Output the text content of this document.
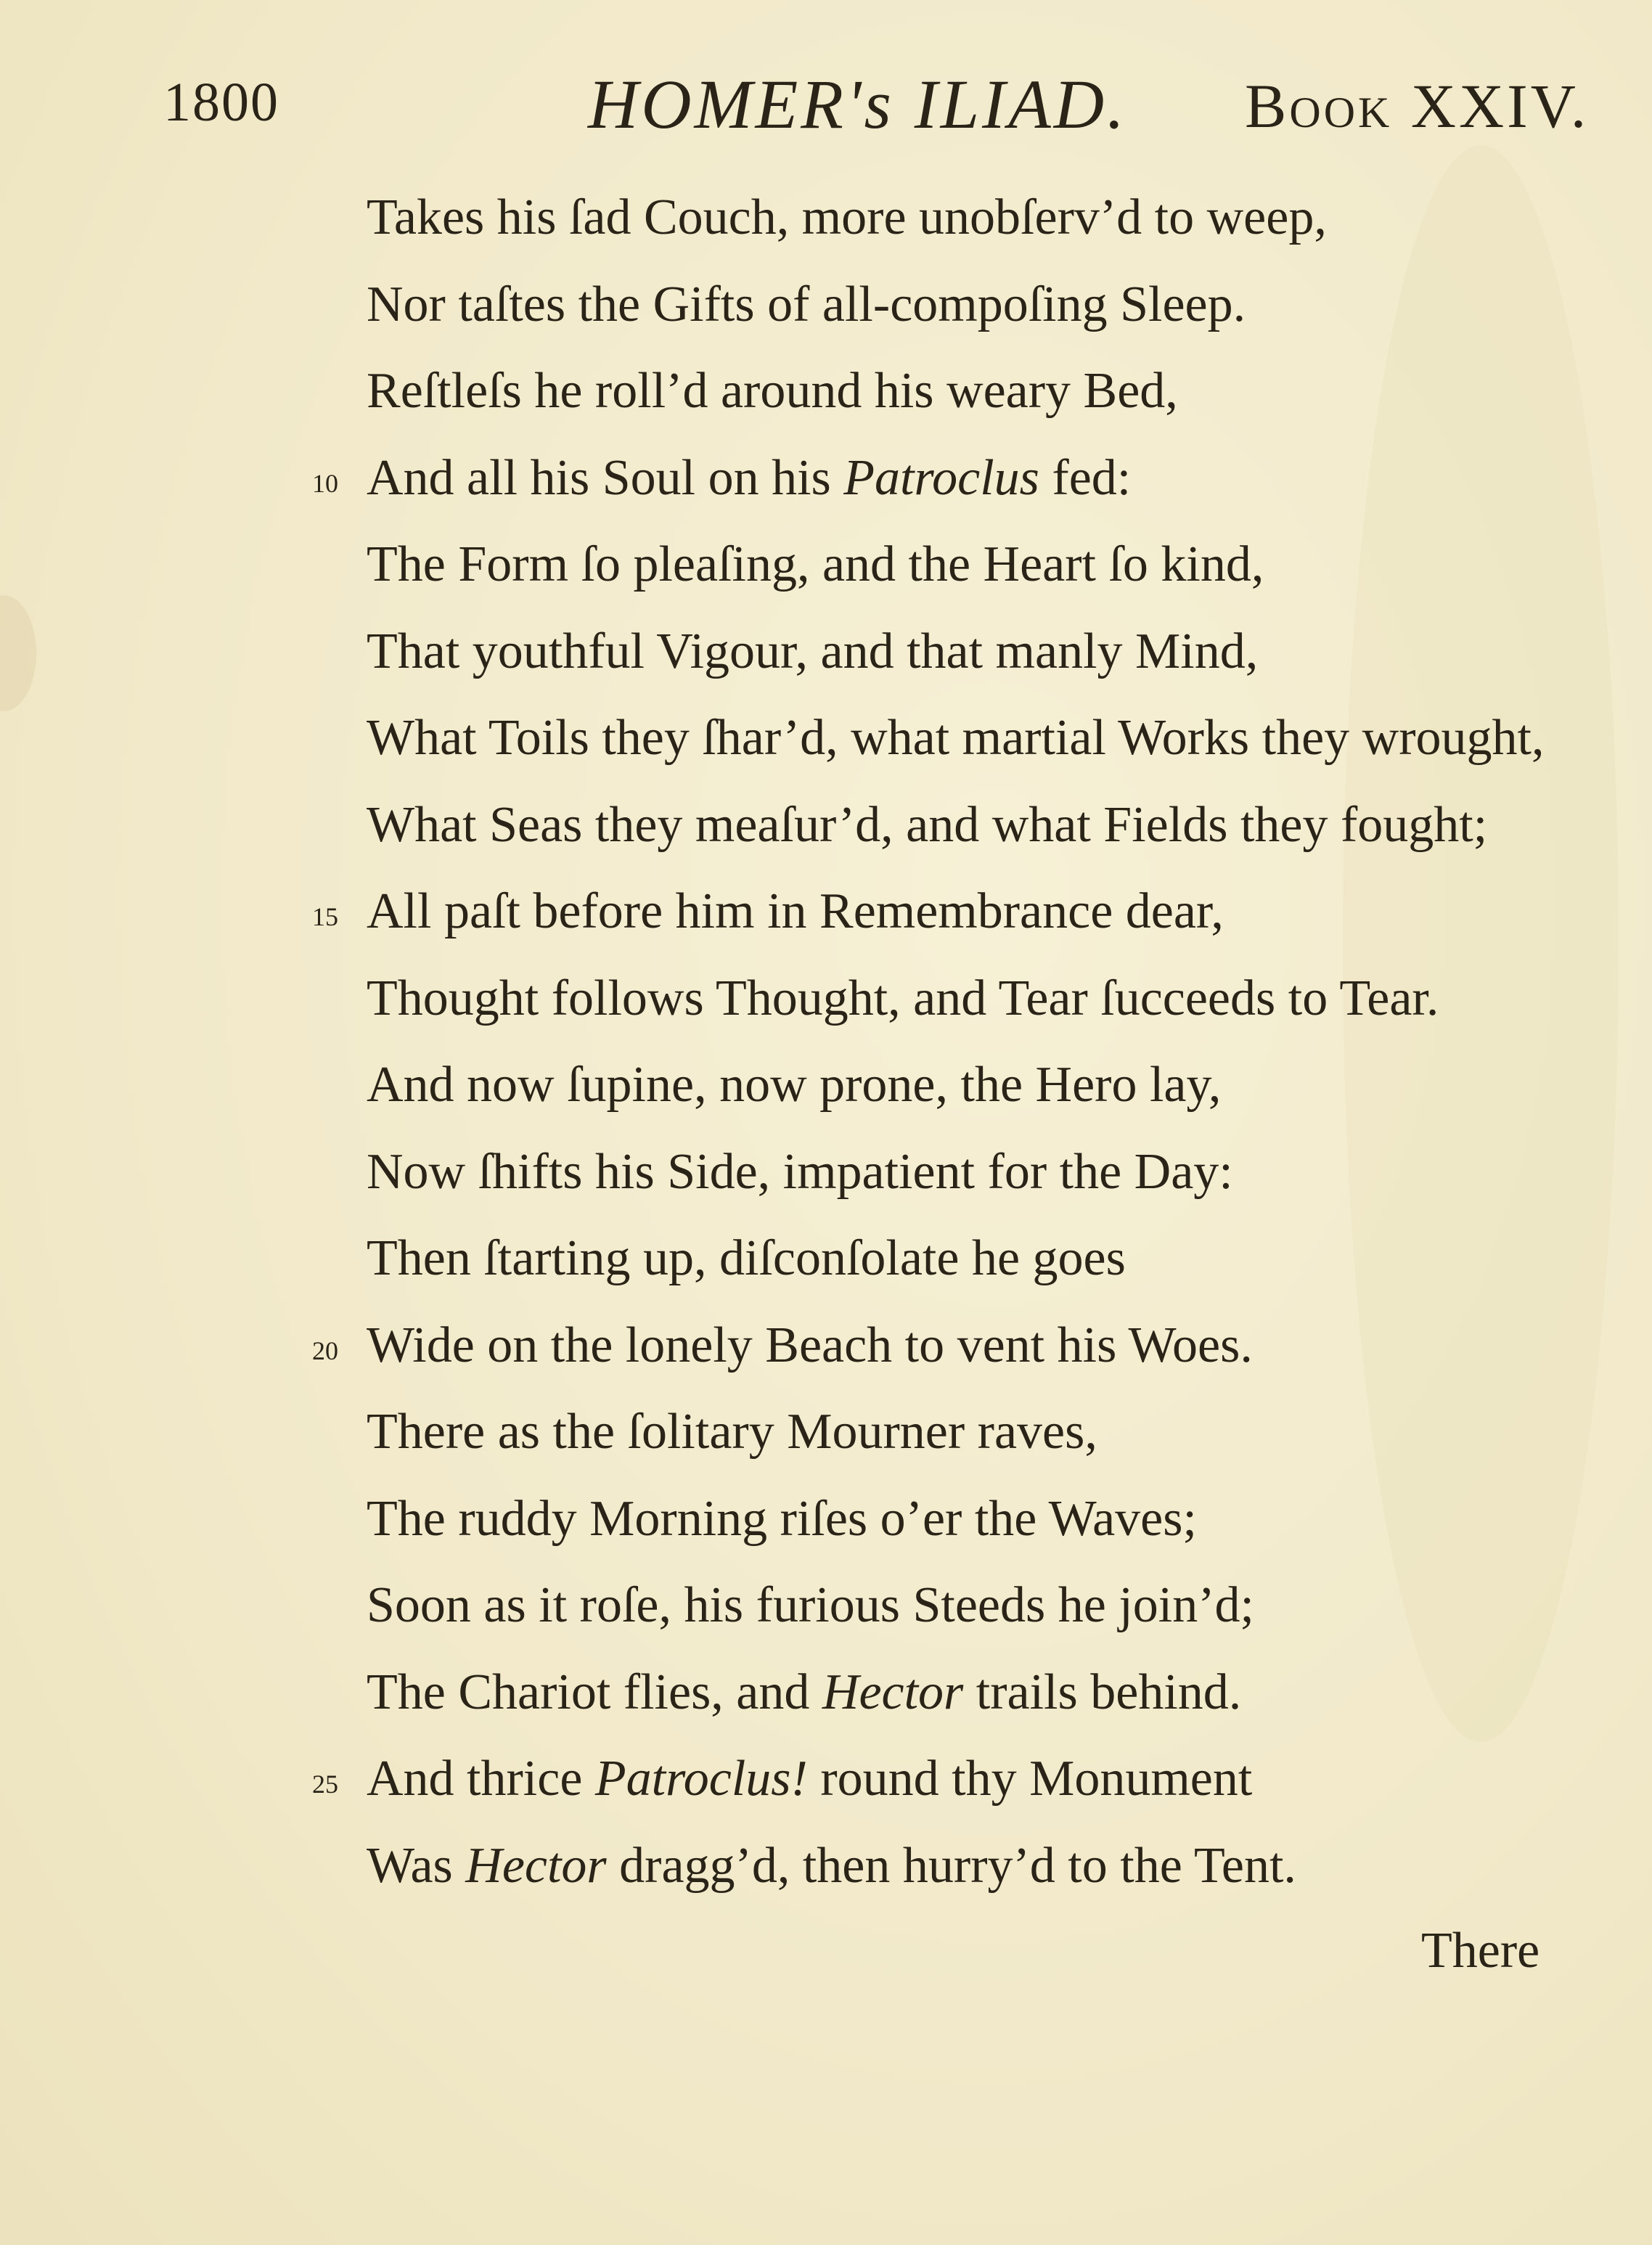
1800	HOMER's ILIAD. Book XXIV.
Takes his ſad Couch, more unobſerv’d to weep,
Nor taſtes the Gifts of all-compoſing Sleep.
Reſtleſs he roll’d around his weary Bed,
10 And all his Soul on his Patroclus fed:
The Form ſo pleaſing, and the Heart ſo kind,
That youthful Vigour, and that manly Mind,
What Toils they ſhar’d, what martial Works they wrought,
What Seas they meaſur’d, and what Fields they fought;
15 All paſt before him in Remembrance dear,
Thought follows Thought, and Tear ſucceeds to Tear.
And now ſupine, now prone, the Hero lay,
Now ſhifts his Side, impatient for the Day:
Then ſtarting up, diſconſolate he goes
20 Wide on the lonely Beach to vent his Woes.
There as the ſolitary Mourner raves,
The ruddy Morning riſes o’er the Waves;
Soon as it roſe, his furious Steeds he join’d;
The Chariot flies, and Hector trails behind.
25 And thrice Patroclus! round thy Monument
Was Hector dragg’d, then hurry’d to the Tent.
There
